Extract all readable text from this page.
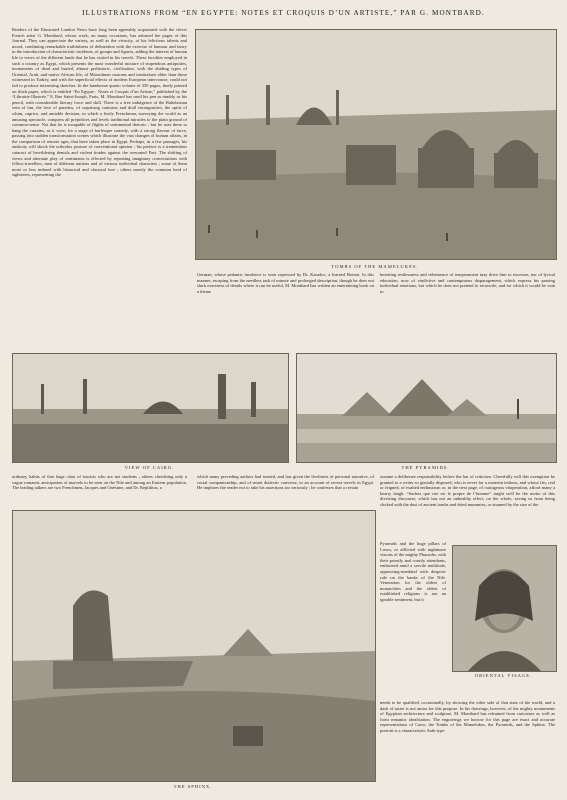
ILLUSTRATIONS FROM “EN EGYPTE: NOTES ET CROQUIS D’UN ARTISTE,” PAR G. MONTBARD.

Readers of the Illustrated London News have long been agreeably acquainted with the clever French artist G. Montbard, whose work, on many occasions, has adorned the pages of this Journal. They can appreciate the variety, as well as the vivacity, of his felicitous talents and mood, combining remarkable truthfulness of delineation with the exercise of humour and fancy in the introduction of characteristic incidents, of groups and figures, adding the interest of human life to views of the different lands that he has visited in his travels. These faculties employed in such a country as Egypt, which presents the most wonderful mixture of stupendous antiquities, monuments of dead and buried, almost prehistoric, civilisation, with the abiding types of Oriental, Arab, and native African life, of Mussulman customs and institutions older than those witnessed in Turkey, and with the superficial effects of modern European intercourse, could not fail to produce interesting sketches. In the handsome quarto volume of 350 pages, finely printed on thick paper, which is entitled “En Egypte : Notes et Croquis d’un Artiste,” published by the “Librairie Illustrée,” 8, Rue Saint-Joseph, Paris, M. Montbard has used his pen as nimbly as his pencil, with considerable literary force and skill. There is a free indulgence of the Rabelaisian vein of fun, the love of paradox, of surprising contrasts and droll incongruities, the spirit of whim, caprice, and amiable derision, in which a lively Frenchman, surveying the world as an amusing spectacle, conquers all prejudices and levels traditional miracles to the plain ground of common-sense. Not that he is incapable of flights of sentimental rhetoric ; but he uses these to hang the curtains, as it were, for a stage of burlesque comedy, with a strong flavour of farce, passing into sudden transformation scenes which illustrate the vast changes of human affairs, in the comparison of remote ages, that have taken place in Egypt. Perhaps, in a few passages, his audacity will shock the orthodox posture of conventional opinion ; his preface is a tremendous cataract of bewildering denials and violent tirades against the overrated Past. The shifting of views and alternate play of sentiments is effected by repeating imaginary conversations with fellow-travellers, men of different nations and of various individual characters ; some of them more or less imbued with historical and classical lore ; others merely the common herd of sightseers, representing the

TOMBS OF THE MAMELUKES.

German, whose pedantic insolence is soon repressed by Dr. Karadoc, a learned Breton. In this manner, escaping from the needless task of minute and prolonged description, though he does not shirk exactness of details where it can be useful, M. Montbard has written an entertaining book on a theme

besetting restlessness and vehemence of temperament may drive him to excesses, nor of lyrical education, now of vindictive and contemptuous disparagement, which express his passing individual emotions, but which he does not pretend to reconcile, and for which it would be vain to

VIEW OF CAIRO.	THE PYRAMIDS.

ordinary habits of that large class of tourists who are not students ; others cherishing only a vague romantic anticipation of marvels to be seen on the Nile and among an Eastern population. The leading talkers are two Frenchmen, Jacques and Onésime, and Dr. Reptilitus, a

which many preceding authors had treated, and has given the liveliness of personal narrative, of social companionship, and of smart dialectic converse, to an account of recent travels in Egypt. He implores the reader not to take his assertions too seriously ; he confesses that a certain

assume a deliberate responsibility before the bar of criticism. Cheerfully will this exemption be granted to a writer so genially disposed, who is never for a moment tedious, and whose fits, real or feigned, of exalted enthusiasm or, in the next page, of outrageous vituperation, afford many a hearty laugh. “Sachez que rire est le propre de l’homme” might well be the motto of this diverting discourse, which has not an unhealthy effect, on the whole, saving us from being choked with the dust of ancient tombs and dried mummies, or stunned by the size of the

Pyramids and the huge pillars of Luxor, or afflicted with nightmare visions of the mighty Pharaohs, with their priestly and courtly attendants, enthroned amid a servile multitude, oppressing-mankind with despotic rule on the banks of the Nile. Veneration for the oldest of monarchies and the oldest of established religions is not an ignoble sentiment, but it

ORIENTAL VISAGE.

needs to be qualified, occasionally, by showing the other side of that state of the world, and a dash of satire is not amiss for this purpose. In his drawings, however, of the mighty monuments of Egyptian architecture and sculpture, M. Montbard has refrained from caricature as well as from romantic idealisation. The engravings we borrow for this page are exact and accurate representations of Cairo, the Tombs of the Mamelukes, the Pyramids, and the Sphinx. The portrait is a characteristic Arab type.

THE SPHINX.
